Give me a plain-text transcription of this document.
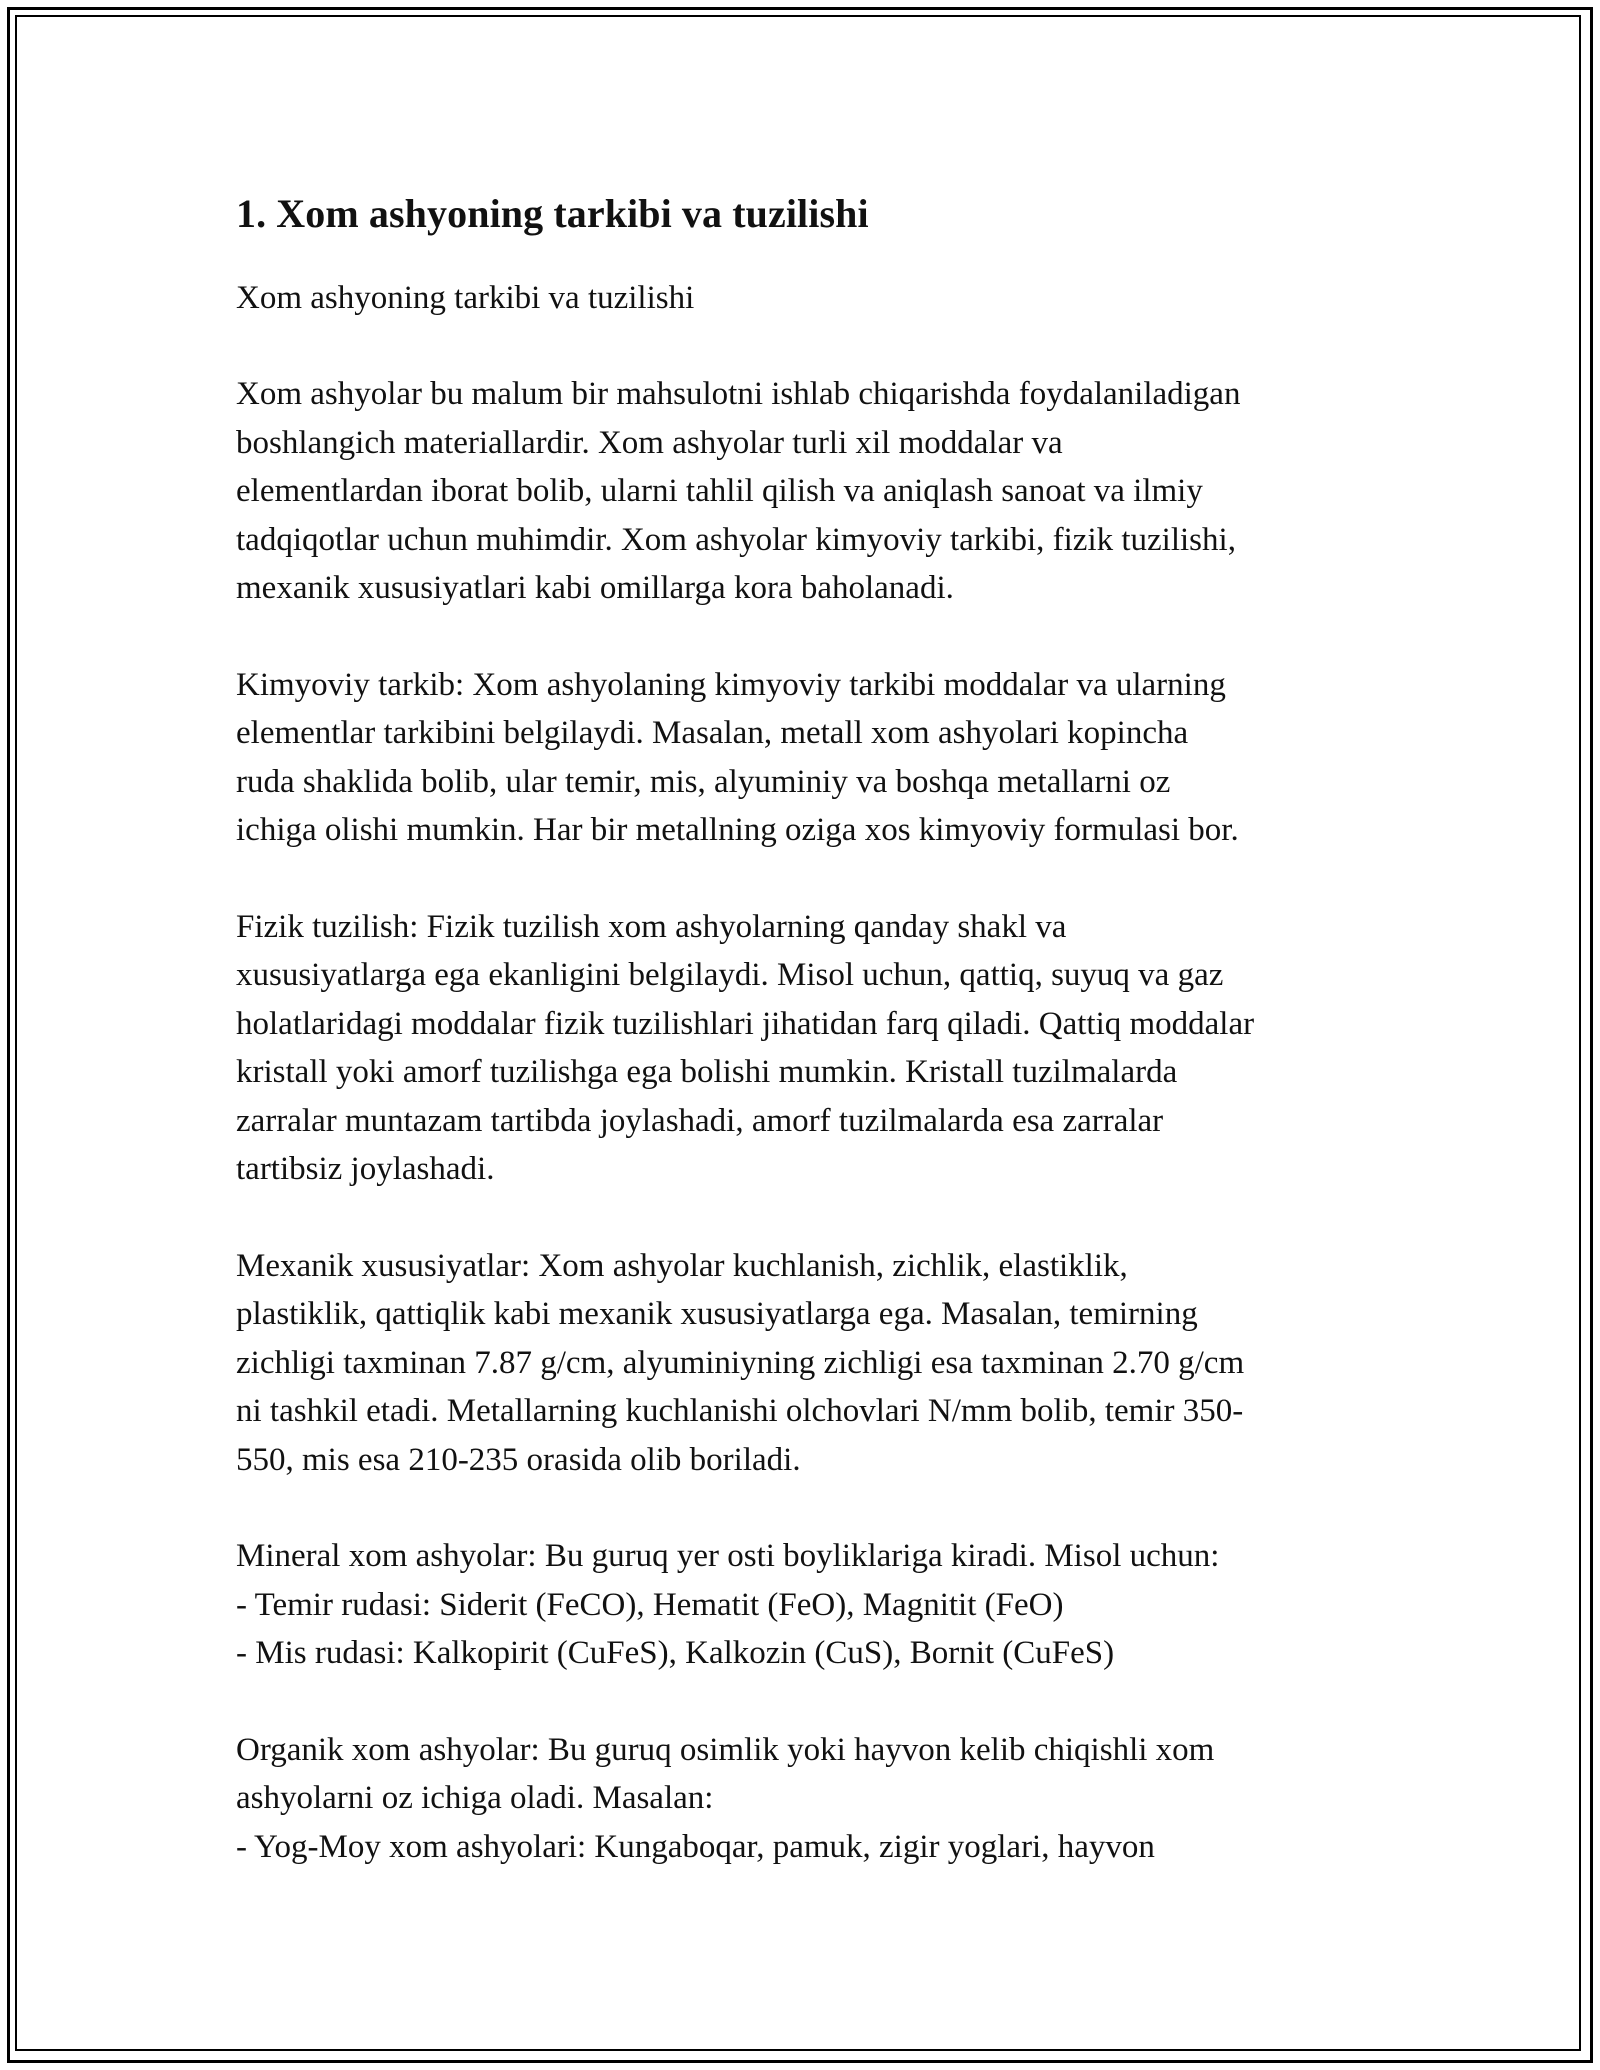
1. Xom ashyoning tarkibi va tuzilishi

Xom ashyoning tarkibi va tuzilishi

Xom ashyolar bu malum bir mahsulotni ishlab chiqarishda foydalaniladigan
boshlangich materiallardir. Xom ashyolar turli xil moddalar va
elementlardan iborat bolib, ularni tahlil qilish va aniqlash sanoat va ilmiy
tadqiqotlar uchun muhimdir. Xom ashyolar kimyoviy tarkibi, fizik tuzilishi,
mexanik xususiyatlari kabi omillarga kora baholanadi.

Kimyoviy tarkib: Xom ashyolaning kimyoviy tarkibi moddalar va ularning
elementlar tarkibini belgilaydi. Masalan, metall xom ashyolari kopincha
ruda shaklida bolib, ular temir, mis, alyuminiy va boshqa metallarni oz
ichiga olishi mumkin. Har bir metallning oziga xos kimyoviy formulasi bor.

Fizik tuzilish: Fizik tuzilish xom ashyolarning qanday shakl va
xususiyatlarga ega ekanligini belgilaydi. Misol uchun, qattiq, suyuq va gaz
holatlaridagi moddalar fizik tuzilishlari jihatidan farq qiladi. Qattiq moddalar
kristall yoki amorf tuzilishga ega bolishi mumkin. Kristall tuzilmalarda
zarralar muntazam tartibda joylashadi, amorf tuzilmalarda esa zarralar
tartibsiz joylashadi.

Mexanik xususiyatlar: Xom ashyolar kuchlanish, zichlik, elastiklik,
plastiklik, qattiqlik kabi mexanik xususiyatlarga ega. Masalan, temirning
zichligi taxminan 7.87 g/cm, alyuminiyning zichligi esa taxminan 2.70 g/cm
ni tashkil etadi. Metallarning kuchlanishi olchovlari N/mm bolib, temir 350-
550, mis esa 210-235 orasida olib boriladi.

Mineral xom ashyolar: Bu guruq yer osti boyliklariga kiradi. Misol uchun:
- Temir rudasi: Siderit (FeCO), Hematit (FeO), Magnitit (FeO)
- Mis rudasi: Kalkopirit (CuFeS), Kalkozin (CuS), Bornit (CuFeS)

Organik xom ashyolar: Bu guruq osimlik yoki hayvon kelib chiqishli xom
ashyolarni oz ichiga oladi. Masalan:
- Yog-Moy xom ashyolari: Kungaboqar, pamuk, zigir yoglari, hayvon
